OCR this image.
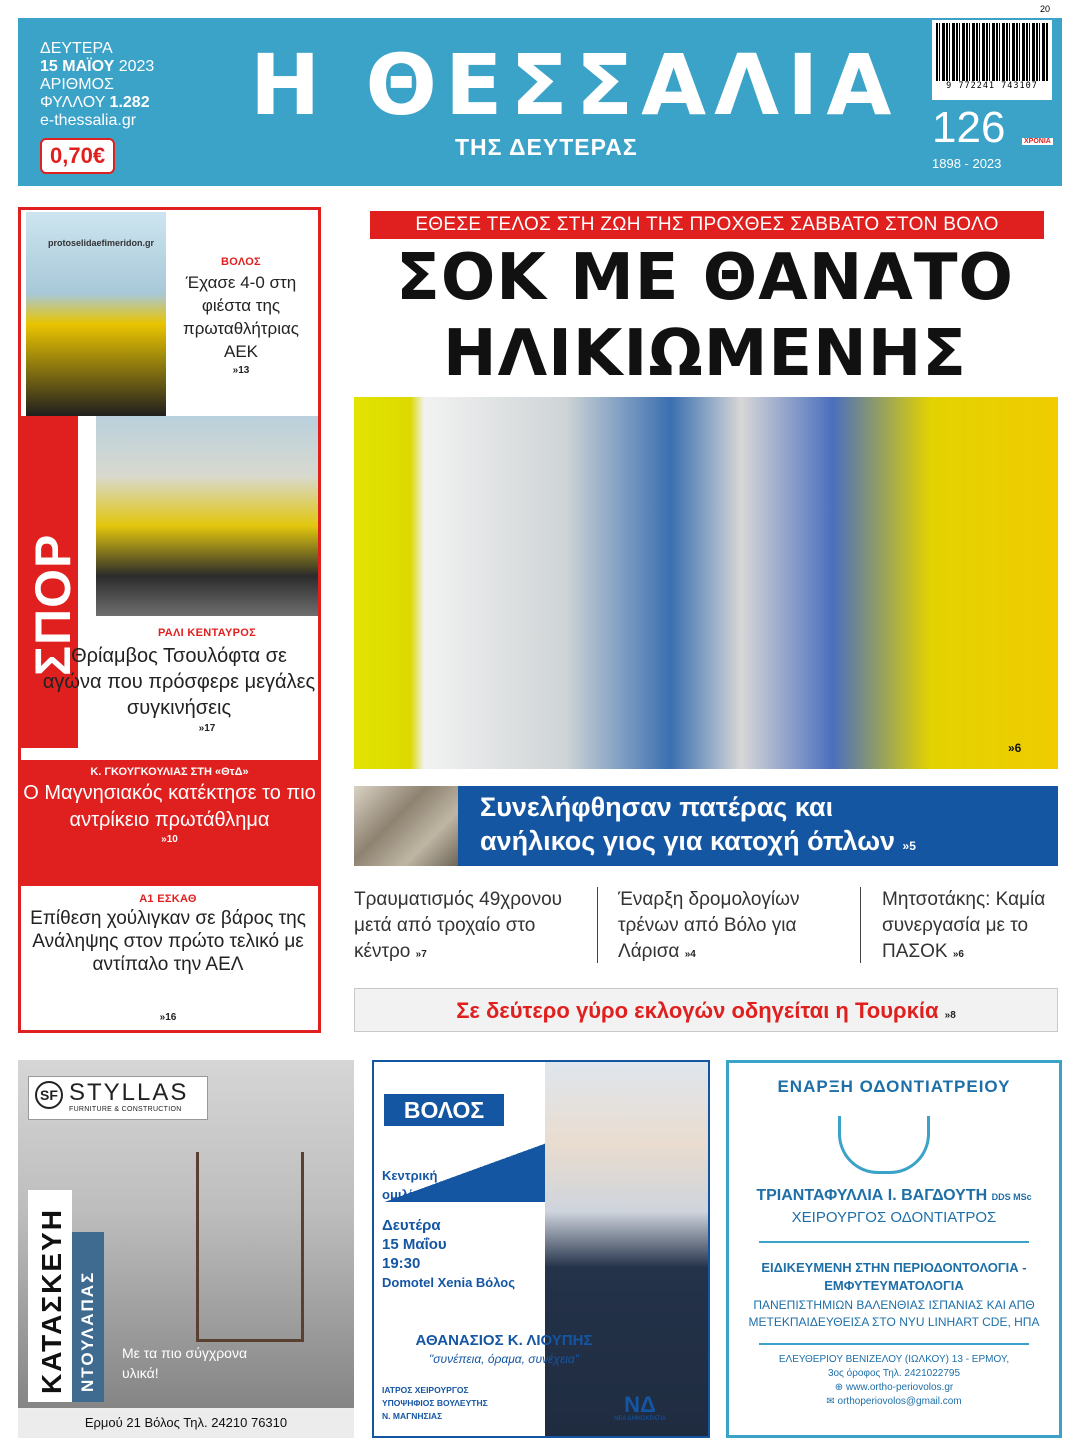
ΔΕΥΤΕΡΑ
15 ΜΑΪΟΥ 2023
ΑΡΙΘΜΟΣ ΦΥΛΛΟΥ 1.282
e-thessalia.gr
0,70€
Η ΘΕΣΣΑΛΙΑ
ΤΗΣ ΔΕΥΤΕΡΑΣ
20
9 772241 743107
126	ΧΡΟΝΙΑ
1898 - 2023
protoselidaefimeridon.gr
ΒΟΛΟΣ
Έχασε 4-0 στη φιέστα της πρωταθλήτριας ΑΕΚ
»13
ΣΠΟΡ	ΡΑΛΙ ΚΕΝΤΑΥΡΟΣ
Θρίαμβος Τσουλόφτα σε αγώνα που πρόσφερε μεγάλες συγκινήσεις
»17
Κ. ΓΚΟΥΓΚΟΥΛΙΑΣ ΣΤΗ «ΘτΔ»
Ο Μαγνησιακός κατέκτησε το πιο αντρίκειο πρωτάθλημα
»10
Α1 ΕΣΚΑΘ
Επίθεση χούλιγκαν σε βάρος της Ανάληψης στον πρώτο τελικό με αντίπαλο την ΑΕΛ
»16
ΕΘΕΣΕ ΤΕΛΟΣ ΣΤΗ ΖΩΗ ΤΗΣ ΠΡΟΧΘΕΣ ΣΑΒΒΑΤΟ ΣΤΟΝ ΒΟΛΟ
ΣΟΚ ΜΕ ΘΑΝΑΤΟ
ΗΛΙΚΙΩΜΕΝΗΣ
»6
Συνελήφθησαν πατέρας και
ανήλικος γιος για κατοχή όπλων »5
Τραυματισμός 49χρονου μετά από τροχαίο στο κέντρο »7
Έναρξη δρομολογίων τρένων από Βόλο για Λάρισα »4
Μητσοτάκης: Καμία συνεργασία με το ΠΑΣΟΚ »6
Σε δεύτερο γύρο εκλογών οδηγείται η Τουρκία »8
SF STYLLAS
FURNITURE & CONSTRUCTION
ΚΑΤΑΣΚΕΥΗ ΝΤΟΥΛΑΠΑΣ Με τα πιο σύγχρονα υλικά!
Ερμού 21 Βόλος Τηλ. 24210 76310
ΒΟΛΟΣ
Κεντρική
ομιλία
Δευτέρα
15 Μαΐου
19:30
Domotel Xenia Βόλος
ΑΘΑΝΑΣΙΟΣ Κ. ΛΙΟΥΠΗΣ
"συνέπεια, όραμα, συνέχεια"
ΙΑΤΡΟΣ ΧΕΙΡΟΥΡΓΟΣ
ΥΠΟΨΗΦΙΟΣ ΒΟΥΛΕΥΤΗΣ
Ν. ΜΑΓΝΗΣΙΑΣ	ΝΔ
ΝΕΑ ΔΗΜΟΚΡΑΤΙΑ
ΕΝΑΡΞΗ ΟΔΟΝΤΙΑΤΡΕΙΟΥ
ΤΡΙΑΝΤΑΦΥΛΛΙΑ Ι. ΒΑΓΔΟΥΤΗ DDS MSc
ΧΕΙΡΟΥΡΓΟΣ ΟΔΟΝΤΙΑΤΡΟΣ
ΕΙΔΙΚΕΥΜΕΝΗ ΣΤΗΝ ΠΕΡΙΟΔΟΝΤΟΛΟΓΙΑ -
ΕΜΦΥΤΕΥΜΑΤΟΛΟΓΙΑ
ΠΑΝΕΠΙΣΤΗΜΙΩΝ ΒΑΛΕΝΘΙΑΣ ΙΣΠΑΝΙΑΣ ΚΑΙ ΑΠΘ
ΜΕΤΕΚΠΑΙΔΕΥΘΕΙΣΑ ΣΤΟ NYU LINHART CDE, ΗΠΑ
ΕΛΕΥΘΕΡΙΟΥ ΒΕΝΙΖΕΛΟΥ (ΙΩΛΚΟΥ) 13 - ΕΡΜΟΥ,
3ος όροφος Τηλ. 2421022795
⊕ www.ortho-periovolos.gr
✉ orthoperiovolos@gmail.com
